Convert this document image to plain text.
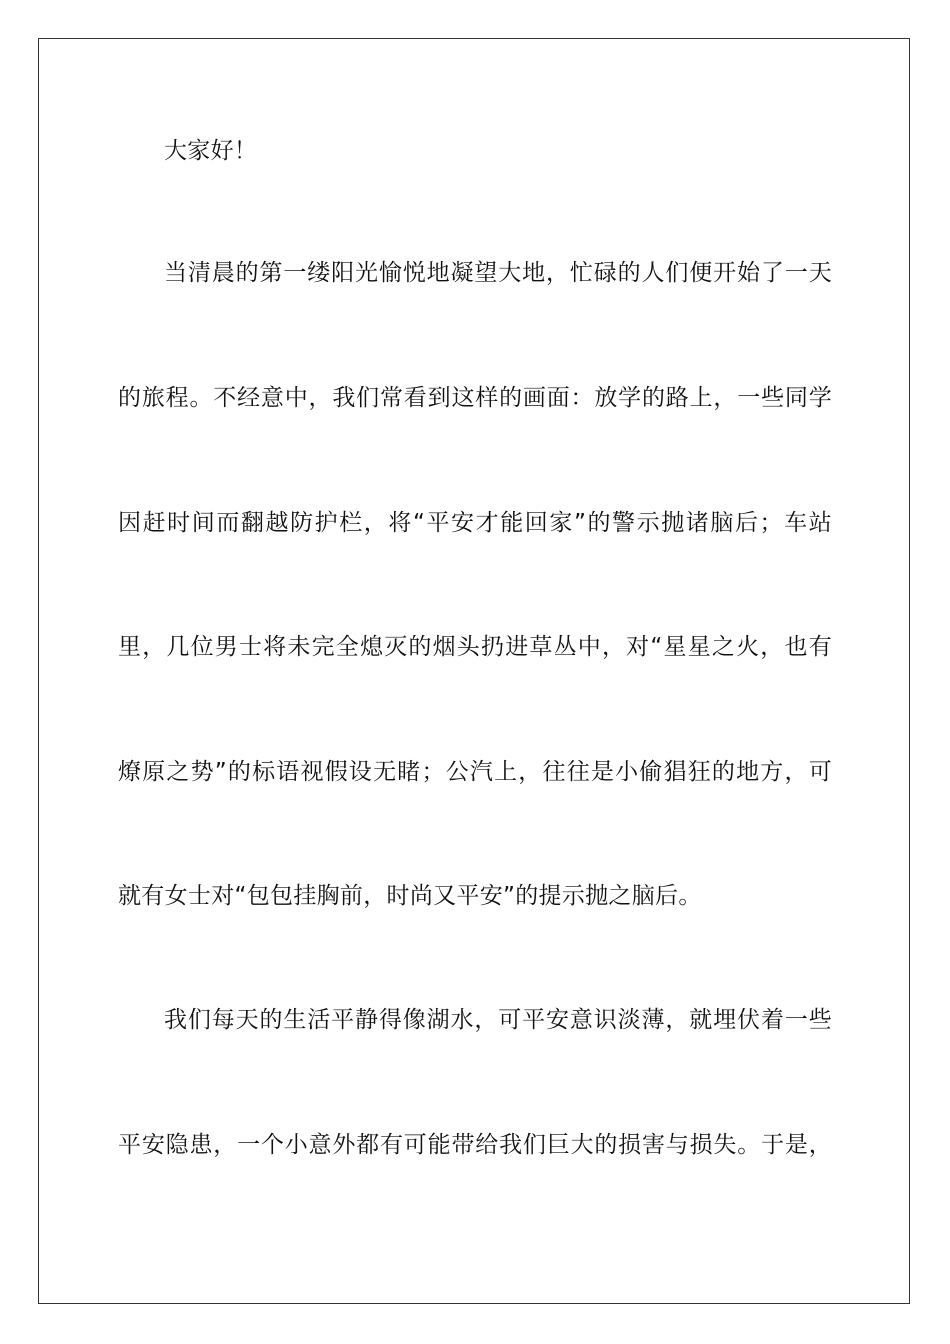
大家好！
当清晨的第一缕阳光愉悦地凝望大地，忙碌的人们便开始了一天
的旅程。不经意中，我们常看到这样的画面：放学的路上，一些同学
因赶时间而翻越防护栏，将“平安才能回家”的警示抛诸脑后；车站
里，几位男士将未完全熄灭的烟头扔进草丛中，对“星星之火，也有
燎原之势”的标语视假设无睹；公汽上，往往是小偷猖狂的地方，可
就有女士对“包包挂胸前，时尚又平安”的提示抛之脑后。
我们每天的生活平静得像湖水，可平安意识淡薄，就埋伏着一些
平安隐患，一个小意外都有可能带给我们巨大的损害与损失。于是，
